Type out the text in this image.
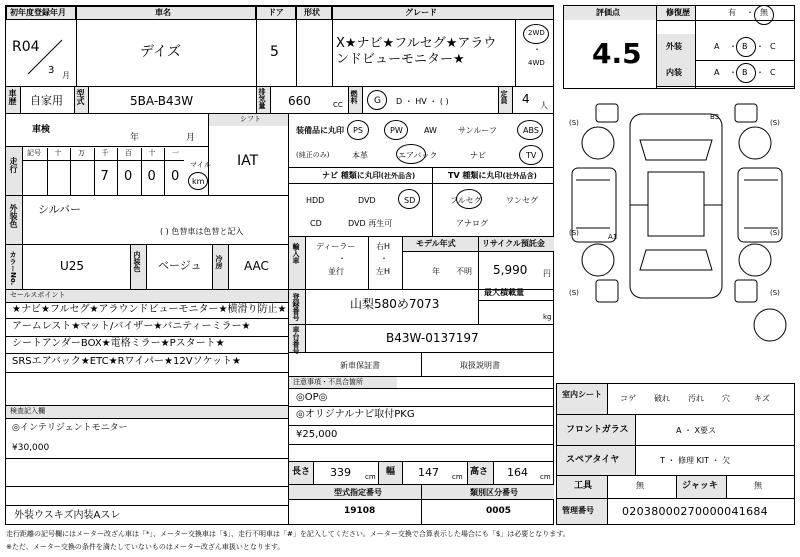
初年度登録年月	車名	ドア	形状	グレード
R04
3 月
デイズ	5
X★ナビ★フルセグ★アラウンドビューモニター★
2WD
・
4WD
車歴 自家用 型式	5BA-B43W	排気量 660	CC
燃料 G D ・ HV ・ ( )	定員 4 人
車検
年	月
シフト
IAT
走行
記号 十 万 千 百 十 一
7 0 0 0
マイル
km
外装色 シルバー
( ) 色替車は色替と記入
装備品に丸印
(純正のみ)
PS	PW	AW	サンルーフ	ABS
本革	エアバック	ナビ	TV
ナビ 種類に丸印(社外品含)	TV 種類に丸印(社外品含)
HDD	DVD	SD
CD	DVD 再生可
フルセグ	ワンセグ
アナログ
カラーNo.	U25	内装色 ベージュ 冷房 AAC
輸入車 ディーラー
・
並行
右H
・
左H
モデル年式
年 不明
リサイクル預託金
5,990 円
セールスポイント
★ナビ★フルセグ★アラウンドビューモニター★横滑り防止★
アームレスト★マット/バイザー★バニティーミラー★
シートアンダーBOX★電格ミラー★Pスタート★
SRSエアバック★ETC★Rワイパー★12Vソケット★
登録番号	山梨580め7073
最大積載量
kg
車台番号	B43W-0137197
新車保証書	取扱説明書
検査記入欄
◎インテリジェントモニター
¥30,000
外装ウスキズ内装Aスレ
注意事項・不具合箇所
◎OP◎
◎オリジナルナビ取付PKG
¥25,000
長さ 339 cm 幅 147 cm 高さ 164 cm
型式指定番号	類別区分番号
19108	0005
評価点
4.5
修復歴	有 ・ 無
外装	A ・ B ・ C
内装	A ・ B ・ C
B3
A1
(S)	(S)
(S)	(S)
(S)	(S)
室内シート	コゲ 破れ 汚れ 穴	キズ
フロントガラス	A ・ X要ス
スペアタイヤ	T ・ 修理 KIT ・ 欠
工具	無	ジャッキ	無
管理番号	02038000270000041684
走行距離の記号欄にはメーター改ざん車は「*」、メーター交換車は「$」、走行不明車は「#」を記入してください。メーター交換で合算表示した場合にも「$」は必要となります。
※ただ、メーター交換の条件を満たしていないものはメーター改ざん車扱いとなります。
